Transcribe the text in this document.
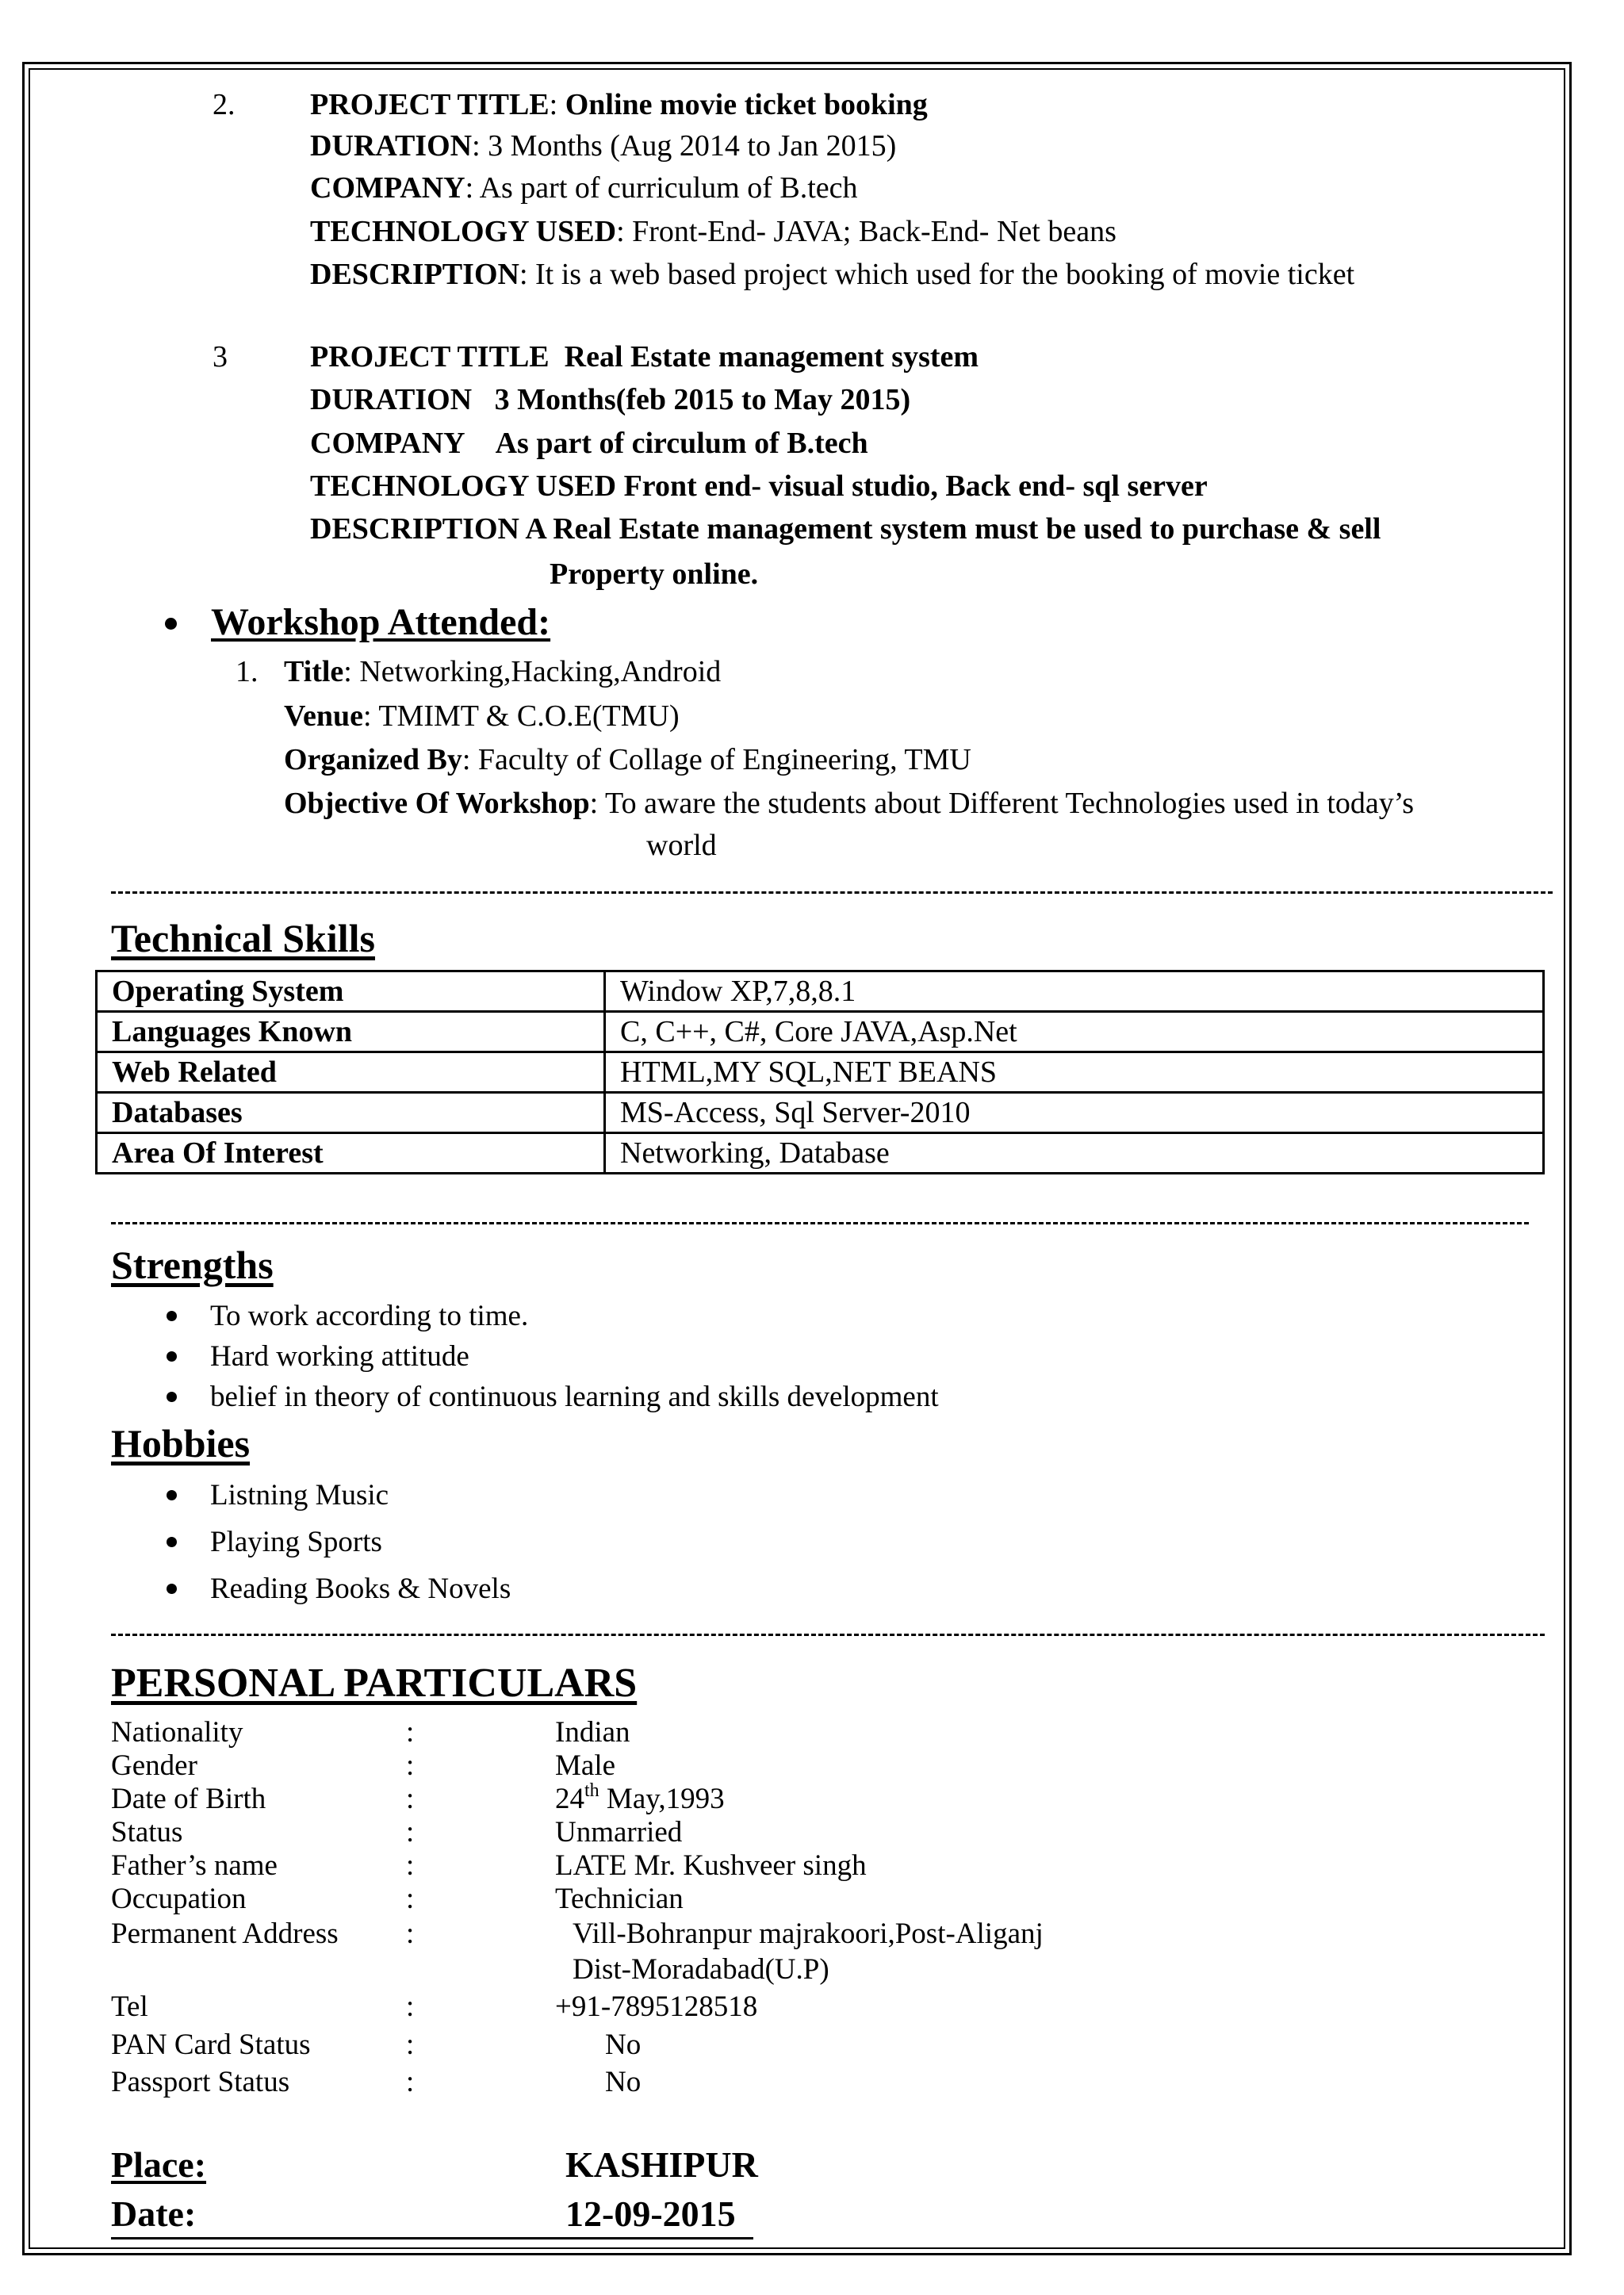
2. PROJECT TITLE: Online movie ticket booking
DURATION: 3 Months (Aug 2014 to Jan 2015)
COMPANY: As part of curriculum of B.tech
TECHNOLOGY USED: Front-End- JAVA; Back-End- Net beans
DESCRIPTION: It is a web based project which used for the booking of movie ticket
3	PROJECT TITLE Real Estate management system
DURATION 3 Months(feb 2015 to May 2015)
COMPANY As part of circulum of B.tech
TECHNOLOGY USED Front end- visual studio, Back end- sql server
DESCRIPTION A Real Estate management system must be used to purchase & sell
Property online.
Workshop Attended:
1. Title: Networking,Hacking,Android
Venue: TMIMT & C.O.E(TMU)
Organized By: Faculty of Collage of Engineering, TMU
Objective Of Workshop: To aware the students about Different Technologies used in today’s
world
Technical Skills
Operating System	Window XP,7,8,8.1
Languages Known	C, C++, C#, Core JAVA,Asp.Net
Web Related	HTML,MY SQL,NET BEANS
Databases	MS-Access, Sql Server-2010
Area Of Interest	Networking, Database
Strengths
To work according to time.
Hard working attitude
belief in theory of continuous learning and skills development
Hobbies
Listning Music
Playing Sports
Reading Books & Novels
PERSONAL PARTICULARS
Nationality	:	Indian
Gender	:	Male
Date of Birth	:	24th May,1993
Status	:	Unmarried
Father’s name	:	LATE Mr. Kushveer singh
Occupation	:	Technician
Permanent Address :	Vill-Bohranpur majrakoori,Post-Aliganj
Dist-Moradabad(U.P)
Tel	:	+91-7895128518
PAN Card Status	:	No
Passport Status	:	No
Place:	KASHIPUR
Date:	12-09-2015
